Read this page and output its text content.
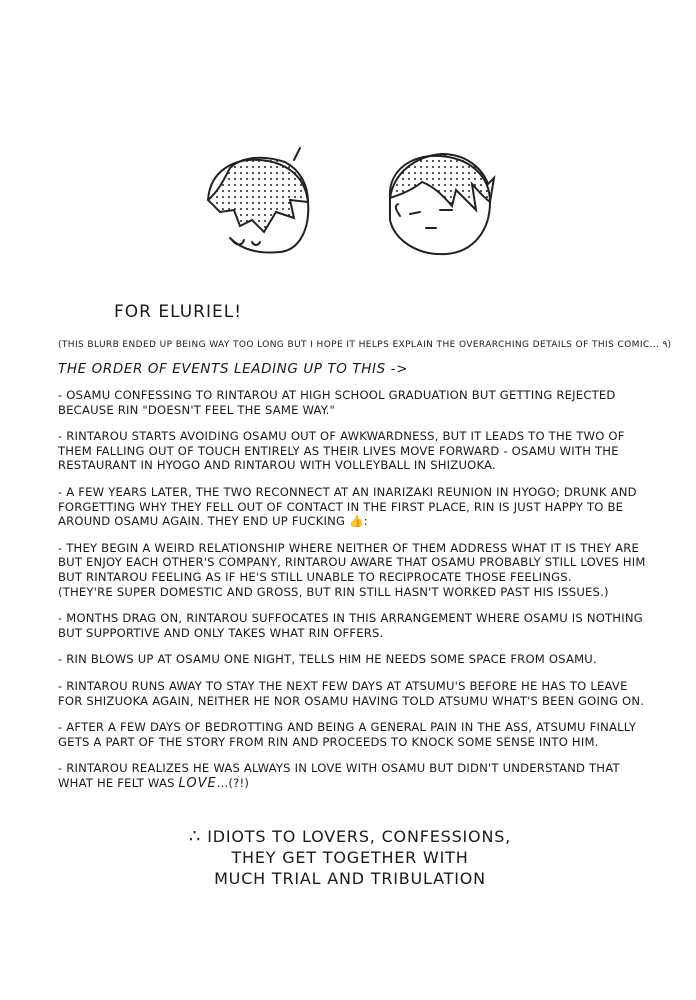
FOR ELURIEL!
(THIS BLURB ENDED UP BEING WAY TOO LONG BUT I HOPE IT HELPS EXPLAIN THE OVERARCHING DETAILS OF THIS COMIC... ٩)
THE ORDER OF EVENTS LEADING UP TO THIS ->

- OSAMU CONFESSING TO RINTAROU AT HIGH SCHOOL GRADUATION BUT GETTING REJECTED
BECAUSE RIN "DOESN'T FEEL THE SAME WAY."

- RINTAROU STARTS AVOIDING OSAMU OUT OF AWKWARDNESS, BUT IT LEADS TO THE TWO OF
THEM FALLING OUT OF TOUCH ENTIRELY AS THEIR LIVES MOVE FORWARD - OSAMU WITH THE
RESTAURANT IN HYOGO AND RINTAROU WITH VOLLEYBALL IN SHIZUOKA.

- A FEW YEARS LATER, THE TWO RECONNECT AT AN INARIZAKI REUNION IN HYOGO; DRUNK AND
FORGETTING WHY THEY FELL OUT OF CONTACT IN THE FIRST PLACE, RIN IS JUST HAPPY TO BE
AROUND OSAMU AGAIN. THEY END UP FUCKING 👍:

- THEY BEGIN A WEIRD RELATIONSHIP WHERE NEITHER OF THEM ADDRESS WHAT IT IS THEY ARE
BUT ENJOY EACH OTHER'S COMPANY, RINTAROU AWARE THAT OSAMU PROBABLY STILL LOVES HIM
BUT RINTAROU FEELING AS IF HE'S STILL UNABLE TO RECIPROCATE THOSE FEELINGS.
(THEY'RE SUPER DOMESTIC AND GROSS, BUT RIN STILL HASN'T WORKED PAST HIS ISSUES.)

- MONTHS DRAG ON, RINTAROU SUFFOCATES IN THIS ARRANGEMENT WHERE OSAMU IS NOTHING
BUT SUPPORTIVE AND ONLY TAKES WHAT RIN OFFERS.

- RIN BLOWS UP AT OSAMU ONE NIGHT, TELLS HIM HE NEEDS SOME SPACE FROM OSAMU.

- RINTAROU RUNS AWAY TO STAY THE NEXT FEW DAYS AT ATSUMU'S BEFORE HE HAS TO LEAVE
FOR SHIZUOKA AGAIN, NEITHER HE NOR OSAMU HAVING TOLD ATSUMU WHAT'S BEEN GOING ON.

- AFTER A FEW DAYS OF BEDROTTING AND BEING A GENERAL PAIN IN THE ASS, ATSUMU FINALLY
GETS A PART OF THE STORY FROM RIN AND PROCEEDS TO KNOCK SOME SENSE INTO HIM.

- RINTAROU REALIZES HE WAS ALWAYS IN LOVE WITH OSAMU BUT DIDN'T UNDERSTAND THAT
WHAT HE FELT WAS LOVE...(?!)

∴ IDIOTS TO LOVERS, CONFESSIONS,
THEY GET TOGETHER WITH
MUCH TRIAL AND TRIBULATION
